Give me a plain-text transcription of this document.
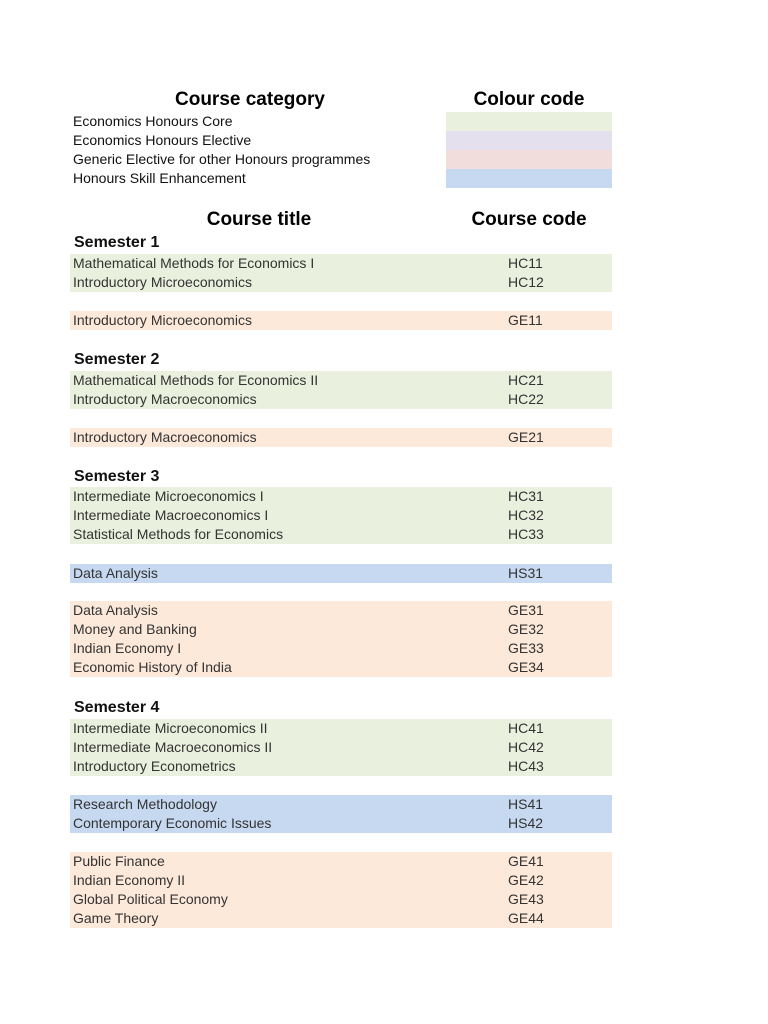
Course category	Colour code
Economics Honours Core
Economics Honours Elective
Generic Elective for other Honours programmes
Honours Skill Enhancement
Course title	Course code
Semester 1
Mathematical Methods for Economics I	HC11
Introductory Microeconomics	HC12
Introductory Microeconomics	GE11
Semester 2
Mathematical Methods for Economics II	HC21
Introductory Macroeconomics	HC22
Introductory Macroeconomics	GE21
Semester 3
Intermediate Microeconomics I	HC31
Intermediate Macroeconomics I	HC32
Statistical Methods for Economics	HC33
Data Analysis	HS31
Data Analysis	GE31
Money and Banking	GE32
Indian Economy I	GE33
Economic History of India	GE34
Semester 4
Intermediate Microeconomics II	HC41
Intermediate Macroeconomics II	HC42
Introductory Econometrics	HC43
Research Methodology	HS41
Contemporary Economic Issues	HS42
Public Finance	GE41
Indian Economy II	GE42
Global Political Economy	GE43
Game Theory	GE44
